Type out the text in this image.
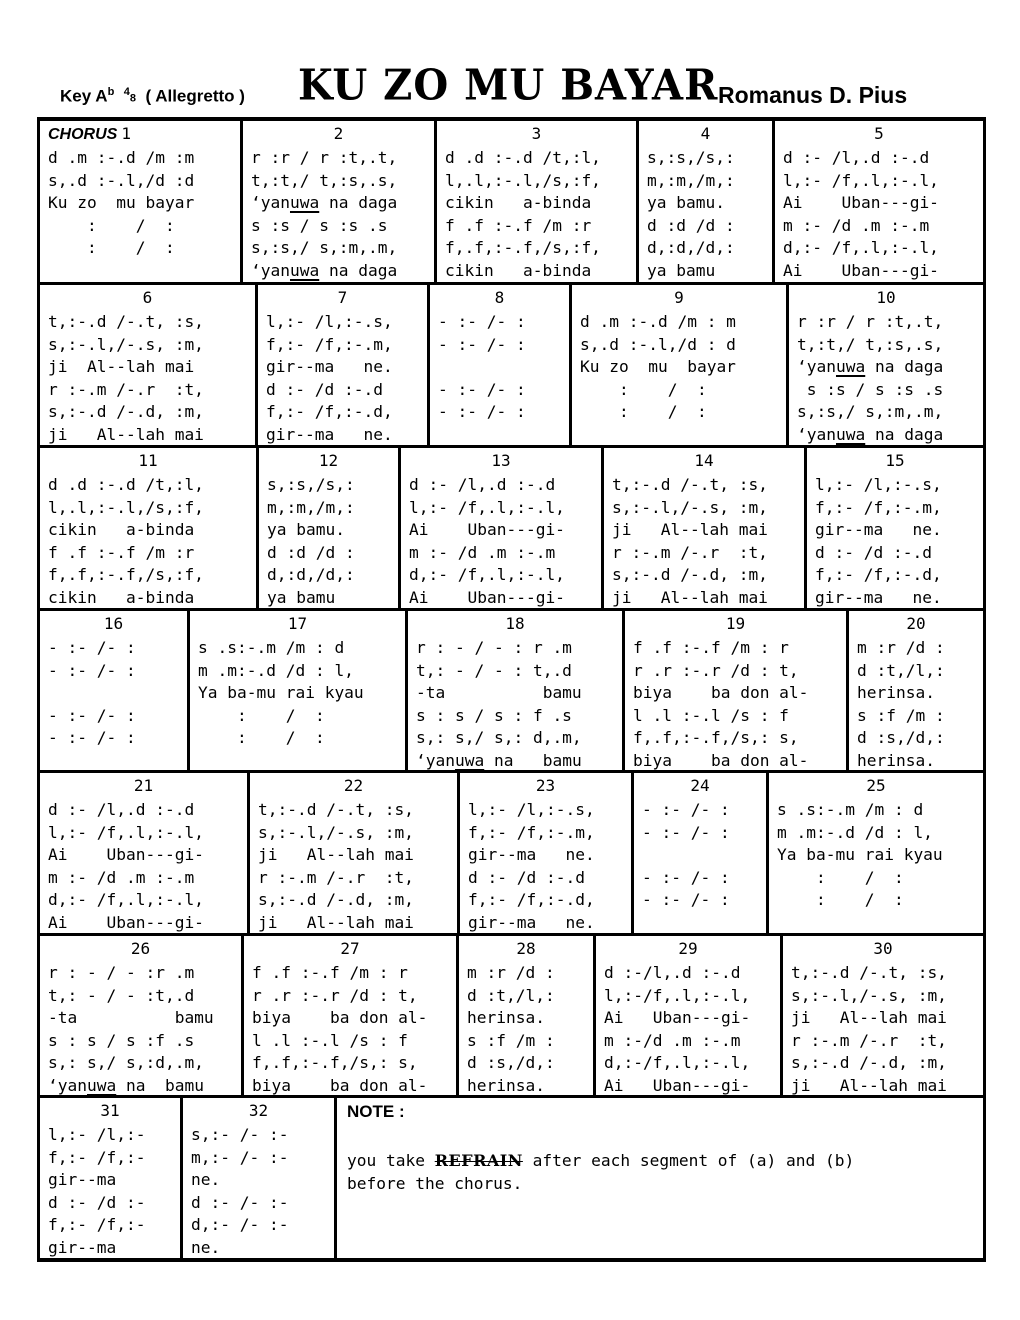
Key $A^b$ $^4$8 ( Allegretto ) KU ZO MU BAYAR Romanus D. Pius
CHORUS 1
d .m :-.d /m :m
s,.d :-.l,/d :d
Ku zo  mu bayar
:    /  :
:    /  :
2
r :r / r :t,.t,
t,:t,/ t,:s,.s,
‘yanuwa na daga
s :s / s :s .s
s,:s,/ s,:m,.m,
‘yanuwa na daga
3
d .d :-.d /t,:l,
l,.l,:-.l,/s,:f,
cikin   a-binda
f .f :-.f /m :r
f,.f,:-.f,/s,:f,
cikin   a-binda
4
s,:s,/s,:
m,:m,/m,:
ya bamu.
d :d /d :
d,:d,/d,:
ya bamu
5
d :- /l,.d :-.d
l,:- /f,.l,:-.l,
Ai    Uban---gi-
m :- /d .m :-.m
d,:- /f,.l,:-.l,
Ai    Uban---gi-
6
t,:-.d /-.t, :s,
s,:-.l,/-.s, :m,
ji  Al--lah mai
r :-.m /-.r  :t,
s,:-.d /-.d, :m,
ji   Al--lah mai
7
l,:- /l,:-.s,
f,:- /f,:-.m,
gir--ma   ne.
d :- /d :-.d
f,:- /f,:-.d,
gir--ma   ne.
8
- :- /- :
- :- /- :
- :- /- :
- :- /- :
9
d .m :-.d /m : m
s,.d :-.l,/d : d
Ku zo  mu  bayar
:    /  :
:    /  :
10
r :r / r :t,.t,
t,:t,/ t,:s,.s,
‘yanuwa na daga
s :s / s :s .s
s,:s,/ s,:m,.m,
‘yanuwa na daga
11
d .d :-.d /t,:l,
l,.l,:-.l,/s,:f,
cikin   a-binda
f .f :-.f /m :r
f,.f,:-.f,/s,:f,
cikin   a-binda
12
s,:s,/s,:
m,:m,/m,:
ya bamu.
d :d /d :
d,:d,/d,:
ya bamu
13
d :- /l,.d :-.d
l,:- /f,.l,:-.l,
Ai    Uban---gi-
m :- /d .m :-.m
d,:- /f,.l,:-.l,
Ai    Uban---gi-
14
t,:-.d /-.t, :s,
s,:-.l,/-.s, :m,
ji   Al--lah mai
r :-.m /-.r  :t,
s,:-.d /-.d, :m,
ji   Al--lah mai
15
l,:- /l,:-.s,
f,:- /f,:-.m,
gir--ma   ne.
d :- /d :-.d
f,:- /f,:-.d,
gir--ma   ne.
16
- :- /- :
- :- /- :
- :- /- :
- :- /- :
17
s .s:-.m /m : d
m .m:-.d /d : l,
Ya ba-mu rai kyau
:    /  :
:    /  :
18
r : - / - : r .m
t,: - / - : t,.d
-ta          bamu
s : s / s : f .s
s,: s,/ s,: d,.m,
‘yanuwa na   bamu
19
f .f :-.f /m : r
r .r :-.r /d : t,
biya    ba don al-
l .l :-.l /s : f
f,.f,:-.f,/s,: s,
biya    ba don al-
20
m :r /d :
d :t,/l,:
herinsa.
s :f /m :
d :s,/d,:
herinsa.
21
d :- /l,.d :-.d
l,:- /f,.l,:-.l,
Ai    Uban---gi-
m :- /d .m :-.m
d,:- /f,.l,:-.l,
Ai    Uban---gi-
22
t,:-.d /-.t, :s,
s,:-.l,/-.s, :m,
ji   Al--lah mai
r :-.m /-.r  :t,
s,:-.d /-.d, :m,
ji   Al--lah mai
23
l,:- /l,:-.s,
f,:- /f,:-.m,
gir--ma   ne.
d :- /d :-.d
f,:- /f,:-.d,
gir--ma   ne.
24
- :- /- :
- :- /- :
- :- /- :
- :- /- :
25
s .s:-.m /m : d
m .m:-.d /d : l,
Ya ba-mu rai kyau
:    /  :
:    /  :
26
r : - / - :r .m
t,: - / - :t,.d
-ta          bamu
s : s / s :f .s
s,: s,/ s,:d,.m,
‘yanuwa na  bamu
27
f .f :-.f /m : r
r .r :-.r /d : t,
biya    ba don al-
l .l :-.l /s : f
f,.f,:-.f,/s,: s,
biya    ba don al-
28
m :r /d :
d :t,/l,:
herinsa.
s :f /m :
d :s,/d,:
herinsa.
29
d :-/l,.d :-.d
l,:-/f,.l,:-.l,
Ai   Uban---gi-
m :-/d .m :-.m
d,:-/f,.l,:-.l,
Ai   Uban---gi-
30
t,:-.d /-.t, :s,
s,:-.l,/-.s, :m,
ji   Al--lah mai
r :-.m /-.r  :t,
s,:-.d /-.d, :m,
ji   Al--lah mai
31
l,:- /l,:-
f,:- /f,:-
gir--ma
d :- /d :-
f,:- /f,:-
gir--ma
32
s,:- /- :-
m,:- /- :-
ne.
d :- /- :-
d,:- /- :-
ne.
NOTE :
you take REFRAIN after each segment of (a) and (b)
before the chorus.
